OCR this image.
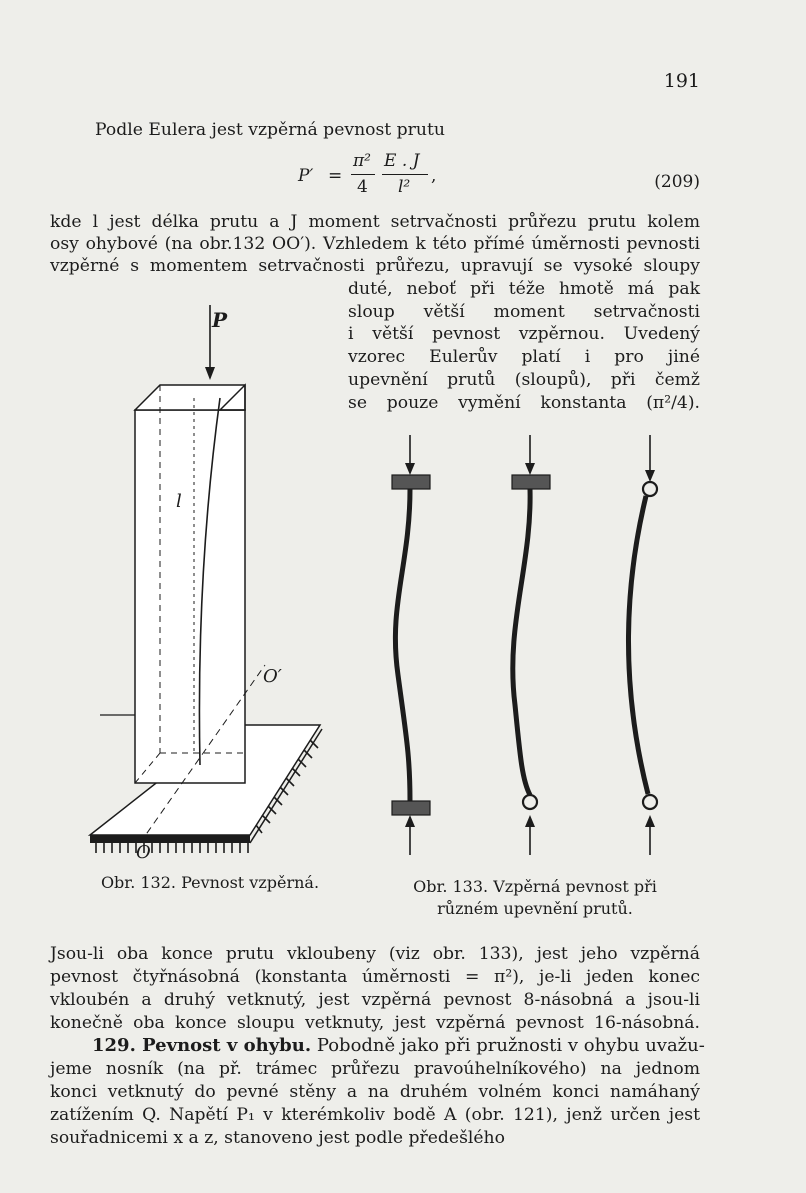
191
Podle Eulera jest vzpěrná pevnost prutu
P′ =
π²
4
E . J
l²
,	(209)
kde l jest délka prutu a J moment setrvačnosti průřezu prutu kolem
osy ohybové (na obr.132 OO′). Vzhledem k této přímé úměrnosti pevnosti
vzpěrné s momentem setrvačnosti průřezu, upravují se vysoké sloupy
duté, neboť při téže hmotě má pak
sloup větší moment setrvačnosti
i větší pevnost vzpěrnou. Uvedený
vzorec Eulerův platí i pro jiné
upevnění prutů (sloupů), při čemž
se pouze vymění konstanta (π²/4).
P
l
O′
O
Obr. 132. Pevnost vzpěrná.	Obr. 133. Vzpěrná pevnost při
různém upevnění prutů.
Jsou-li oba konce prutu vkloubeny (viz obr. 133), jest jeho vzpěrná
pevnost čtyřnásobná (konstanta úměrnosti = π²), je-li jeden konec
vkloubén a druhý vetknutý, jest vzpěrná pevnost 8-násobná a jsou-li
konečně oba konce sloupu vetknuty, jest vzpěrná pevnost 16-násobná.
129. Pevnost v ohybu. Pobodně jako při pružnosti v ohybu uvažu-
jeme nosník (na př. trámec průřezu pravoúhelníkového) na jednom
konci vetknutý do pevné stěny a na druhém volném konci namáhaný
zatížením Q. Napětí P₁ v kterémkoliv bodě A (obr. 121), jenž určen jest
souřadnicemi x a z, stanoveno jest podle předešlého
